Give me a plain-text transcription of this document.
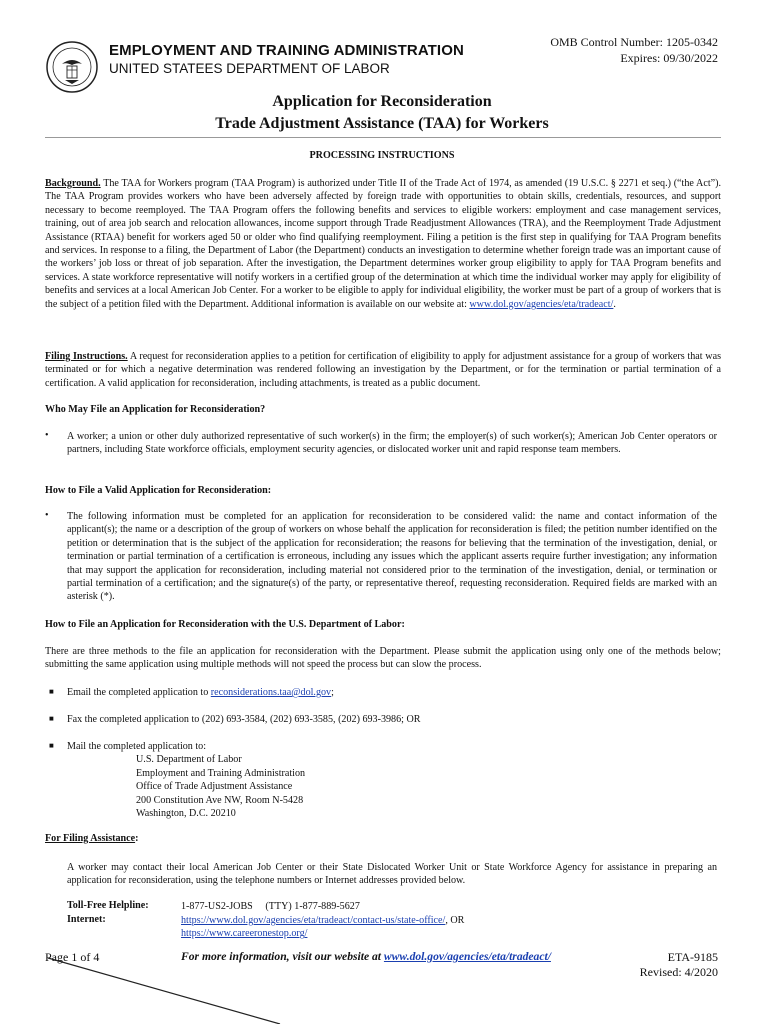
EMPLOYMENT AND TRAINING ADMINISTRATION
UNITED STATEES DEPARTMENT OF LABOR
OMB Control Number: 1205-0342
Expires: 09/30/2022
Application for Reconsideration
Trade Adjustment Assistance (TAA) for Workers
PROCESSING INSTRUCTIONS

Background. The TAA for Workers program (TAA Program) is authorized under Title II of the Trade Act of 1974, as amended (19 U.S.C. § 2271 et seq.) (“the Act”). The TAA Program provides workers who have been adversely affected by foreign trade with opportunities to obtain skills, credentials, resources, and support necessary to become reemployed. The TAA Program offers the following benefits and services to eligible workers: employment and case management services, training, out of area job search and relocation allowances, income support through Trade Readjustment Allowances (TRA), and the Reemployment Trade Adjustment Assistance (RTAA) benefit for workers aged 50 or older who find qualifying reemployment. Filing a petition is the first step in qualifying for TAA Program benefits and services. In response to a filing, the Department of Labor (the Department) conducts an investigation to determine whether foreign trade was an important cause of the workers’ job loss or threat of job separation. After the investigation, the Department determines worker group eligibility to apply for TAA Program benefits and services. A state workforce representative will notify workers in a certified group of the determination at which time the individual worker may apply for eligibility of benefits and services at a local American Job Center. For a worker to be eligible to apply for individual eligibility, the worker must be part of a group of workers that is the subject of a petition filed with the Department. Additional information is available on our website at: www.dol.gov/agencies/eta/tradeact/.

Filing Instructions. A request for reconsideration applies to a petition for certification of eligibility to apply for adjustment assistance for a group of workers that was terminated or for which a negative determination was rendered following an investigation by the Department, or for the termination or partial termination of a certification. A valid application for reconsideration, including attachments, is treated as a public document.

Who May File an Application for Reconsideration?
• A worker; a union or other duly authorized representative of such worker(s) in the firm; the employer(s) of such worker(s); American Job Center operators or partners, including State workforce officials, employment security agencies, or dislocated worker unit and rapid response team members.

How to File a Valid Application for Reconsideration:
• The following information must be completed for an application for reconsideration to be considered valid: the name and contact information of the applicant(s); the name or a description of the group of workers on whose behalf the application for reconsideration is filed; the petition number identified on the petition or determination that is the subject of the application for reconsideration; the reasons for believing that the termination of the investigation, denial, or termination or partial termination of a certification is erroneous, including any issues which the applicant asserts require further investigation; any information that may support the application for reconsideration, including material not considered prior to the termination of the investigation, denial, or termination or partial termination of a certification; and the signature(s) of the party, or representative thereof, requesting reconsideration. Required fields are marked with an asterisk (*).

How to File an Application for Reconsideration with the U.S. Department of Labor:

There are three methods to the file an application for reconsideration with the Department. Please submit the application using only one of the methods below; submitting the same application using multiple methods will not speed the process but can slow the process.

■ Email the completed application to reconsiderations.taa@dol.gov;

■ Fax the completed application to (202) 693-3584, (202) 693-3585, (202) 693-3986; OR

■ Mail the completed application to:

U.S. Department of Labor
Employment and Training Administration
Office of Trade Adjustment Assistance
200 Constitution Ave NW, Room N-5428
Washington, D.C. 20210
For Filing Assistance:

A worker may contact their local American Job Center or their State Dislocated Worker Unit or State Workforce Agency for assistance in preparing an application for reconsideration, using the telephone numbers or Internet addresses provided below.

Toll-Free Helpline:	1-877-US2-JOBS     (TTY) 1-877-889-5627
Internet:	https://www.dol.gov/agencies/eta/tradeact/contact-us/state-office/, OR
https://www.careeronestop.org/
Page 1 of 4	For more information, visit our website at www.dol.gov/agencies/eta/tradeact/	ETA-9185
Revised: 4/2020
